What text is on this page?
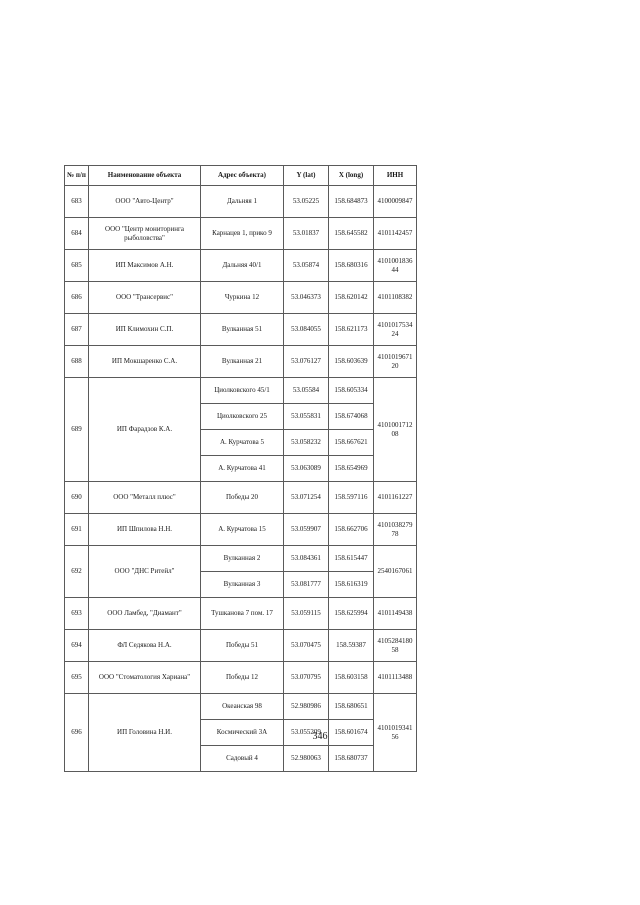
№ п/п	Наименование объекта	Адрес объекта)	Y (lat)	X (long)	ИНН
683	ООО "Авто-Центр"	Дальняя 1	53.05225	158.684873	4100009847
684	ООО "Центр мониторинга рыболовства"	Карнацев 1, прико 9	53.01837	158.645582	4101142457
685	ИП Максимов А.Н.	Дальняя 40/1	53.05874	158.680316	4101001836 44
686	ООО "Трансервис"	Чуркина 12	53.046373	158.620142	4101108382
687	ИП Климохин С.П.	Вулканная 51	53.084055	158.621173	4101017534 24
688	ИП Мокшаренко С.А.	Вулканная 21	53.076127	158.603639	4101019671 20
689	ИП Фарадзов К.А.	Циолковского 45/1	53.05584	158.605334	4101001712 08
		Циолковского 25	53.055831	158.674068	
		А. Курчатова 5	53.058232	158.667621	
		А. Курчатова 41	53.063089	158.654969	
690	ООО "Металл плюс"	Победы 20	53.071254	158.597116	4101161227
691	ИП Шпилова Н.Н.	А. Курчатова 15	53.059907	158.662706	4101038279 78
692	ООО "ДНС Ритейл"	Вулканная 2	53.084361	158.615447	2540167061
		Вулканная 3	53.081777	158.616319	
693	ООО Ламбед, "Диамант"	Тушканова 7 пом. 17	53.059115	158.625994	4101149438
694	ФЛ Седякова Н.А.	Победы 51	53.070475	158.59387	4105284180 58
695	ООО "Стоматология Хариана"	Победы 12	53.070795	158.603158	4101113488
696	ИП Головина Н.И.	Океанская 98	52.980986	158.680651	4101019341 56
		Космический 3А	53.055209	158.601674	
		Садовый 4	52.980063	158.680737	
346
